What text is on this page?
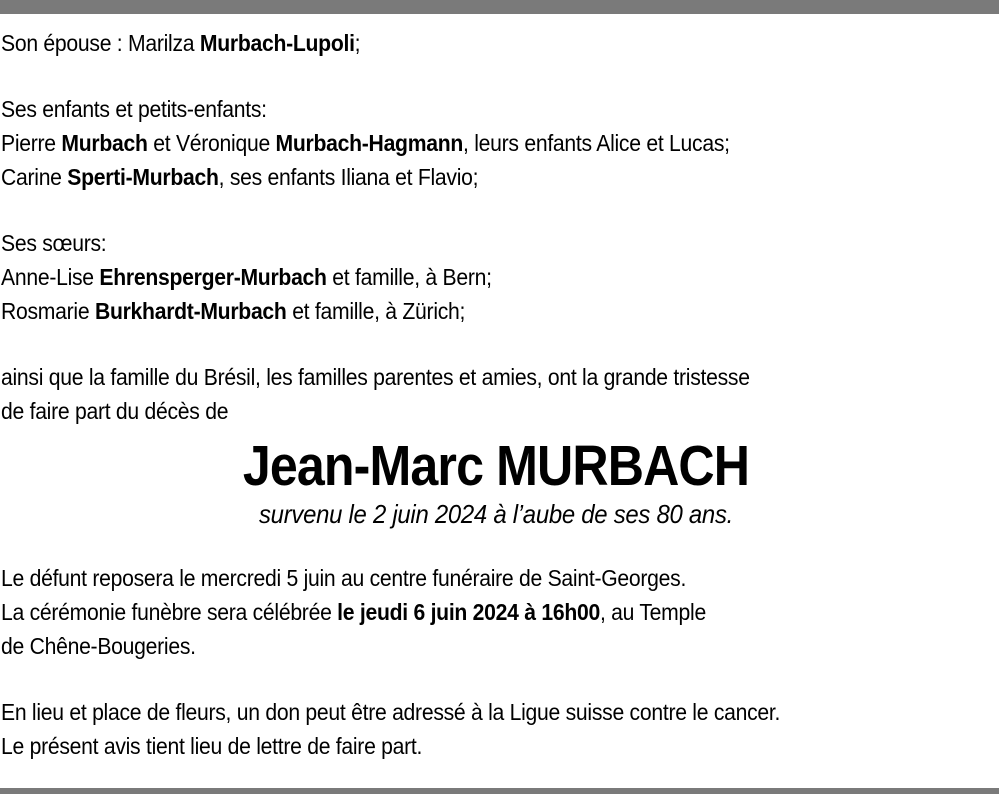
Son épouse : Marilza Murbach-Lupoli;
Ses enfants et petits-enfants:
Pierre Murbach et Véronique Murbach-Hagmann, leurs enfants Alice et Lucas;
Carine Sperti-Murbach, ses enfants Iliana et Flavio;
Ses sœurs:
Anne-Lise Ehrensperger-Murbach et famille, à Bern;
Rosmarie Burkhardt-Murbach et famille, à Zürich;
ainsi que la famille du Brésil, les familles parentes et amies, ont la grande tristesse
de faire part du décès de
Jean-Marc MURBACH
survenu le 2 juin 2024 à l’aube de ses 80 ans.
Le défunt reposera le mercredi 5 juin au centre funéraire de Saint-Georges.
La cérémonie funèbre sera célébrée le jeudi 6 juin 2024 à 16h00, au Temple
de Chêne-Bougeries.
En lieu et place de fleurs, un don peut être adressé à la Ligue suisse contre le cancer.
Le présent avis tient lieu de lettre de faire part.
